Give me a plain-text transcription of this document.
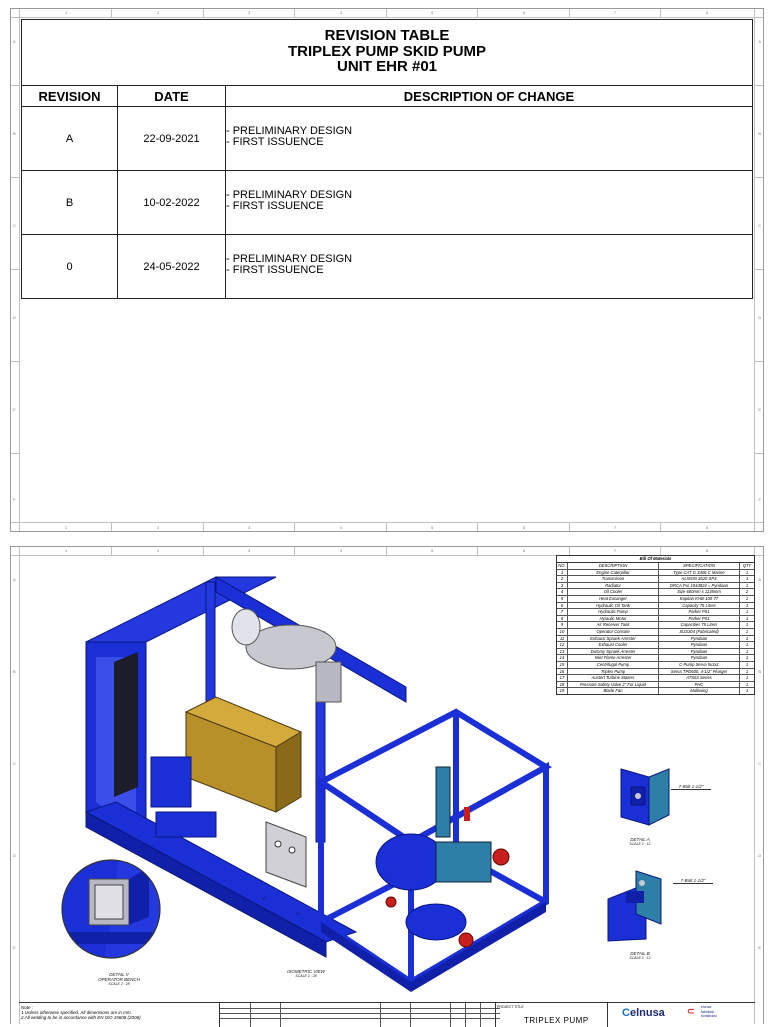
1	2	3	4	5	6	7	8
1	2	3	4	5	6	7	8
A
B
C
D
E
F
A
B
C
D
E
F
REVISION TABLE
TRIPLEX PUMP SKID PUMP
UNIT EHR #01
REVISION	DATE	DESCRIPTION OF CHANGE
A	22-09-2021
- PRELIMINARY DESIGN
- FIRST ISSUENCE
B	10-02-2022
- PRELIMINARY DESIGN
- FIRST ISSUENCE
0	24-05-2022
- PRELIMINARY DESIGN
- FIRST ISSUENCE
1	2	3	4	5	6	7	8
A
B
C
D
E
A
B
C
D
E
Bill Of Materials
NO.	DESCRIPTION	SPECIFICATION	QTY
1	Engine Caterpillar	Type CAT G 3406 C Marine	1
2	Transmision	ALISON 3620 SP3	1
3	Radiator	DRCA Pur 1044824 = Pyndaan	1
4	Oil Cooler	Size 600mm x 1135mm	2
5	Heat Excanger	Kopitan KHB-100-77	1
6	Hydraulic Oil Tank	Capacity 75 Litres	1
7	Hydraulic Pump	Parker P51	1
8	Hyraulic Motor	Parker P51	1
9	Air Receiver Tank	Capacities 75 Liters	1
10	Operator Console	SUS304 (Fabricated)	1
11	Exhaust Spraek Arrester	Pyndaan	1
12	Exhaust Cooler	Pyndaan	1
13	Dummy Spraek Arrester	Pyndaan	1
14	Inlet Flame Arrester	Pyndaan	1
15	Centrifugal Pump	C-Pump Serva 5x3x1	1
16	Triplex Pump	Serva TPD600, 4-1/2" Plunger	1
17	Austert Turbine Staters	ATS63 Series	1
18	Pressure Safety Valve 2" For Liquid	PHC	1
19	Blade Fan	Multiwing	1
DETAIL V
OPERATOR BENCH
SCALE 2 : 28
ISOMETRIC VIEW
SCALE 1 : 28
DETAIL A
SCALE 1 : 12
DETAIL B
SCALE 1 : 12
7-Bolt 1-1/2"
7-Bolt 1-1/2"
V
A
Note :
1.Unless otherwise specified, All dimensions are in mm.
2.All welding to be in accordance with EN ISO 15608 (2006)
PROJECT TITLE
TRIPLEX PUMP
Celnusa ⊂ elnusa
fabrikasi
konstruksi
